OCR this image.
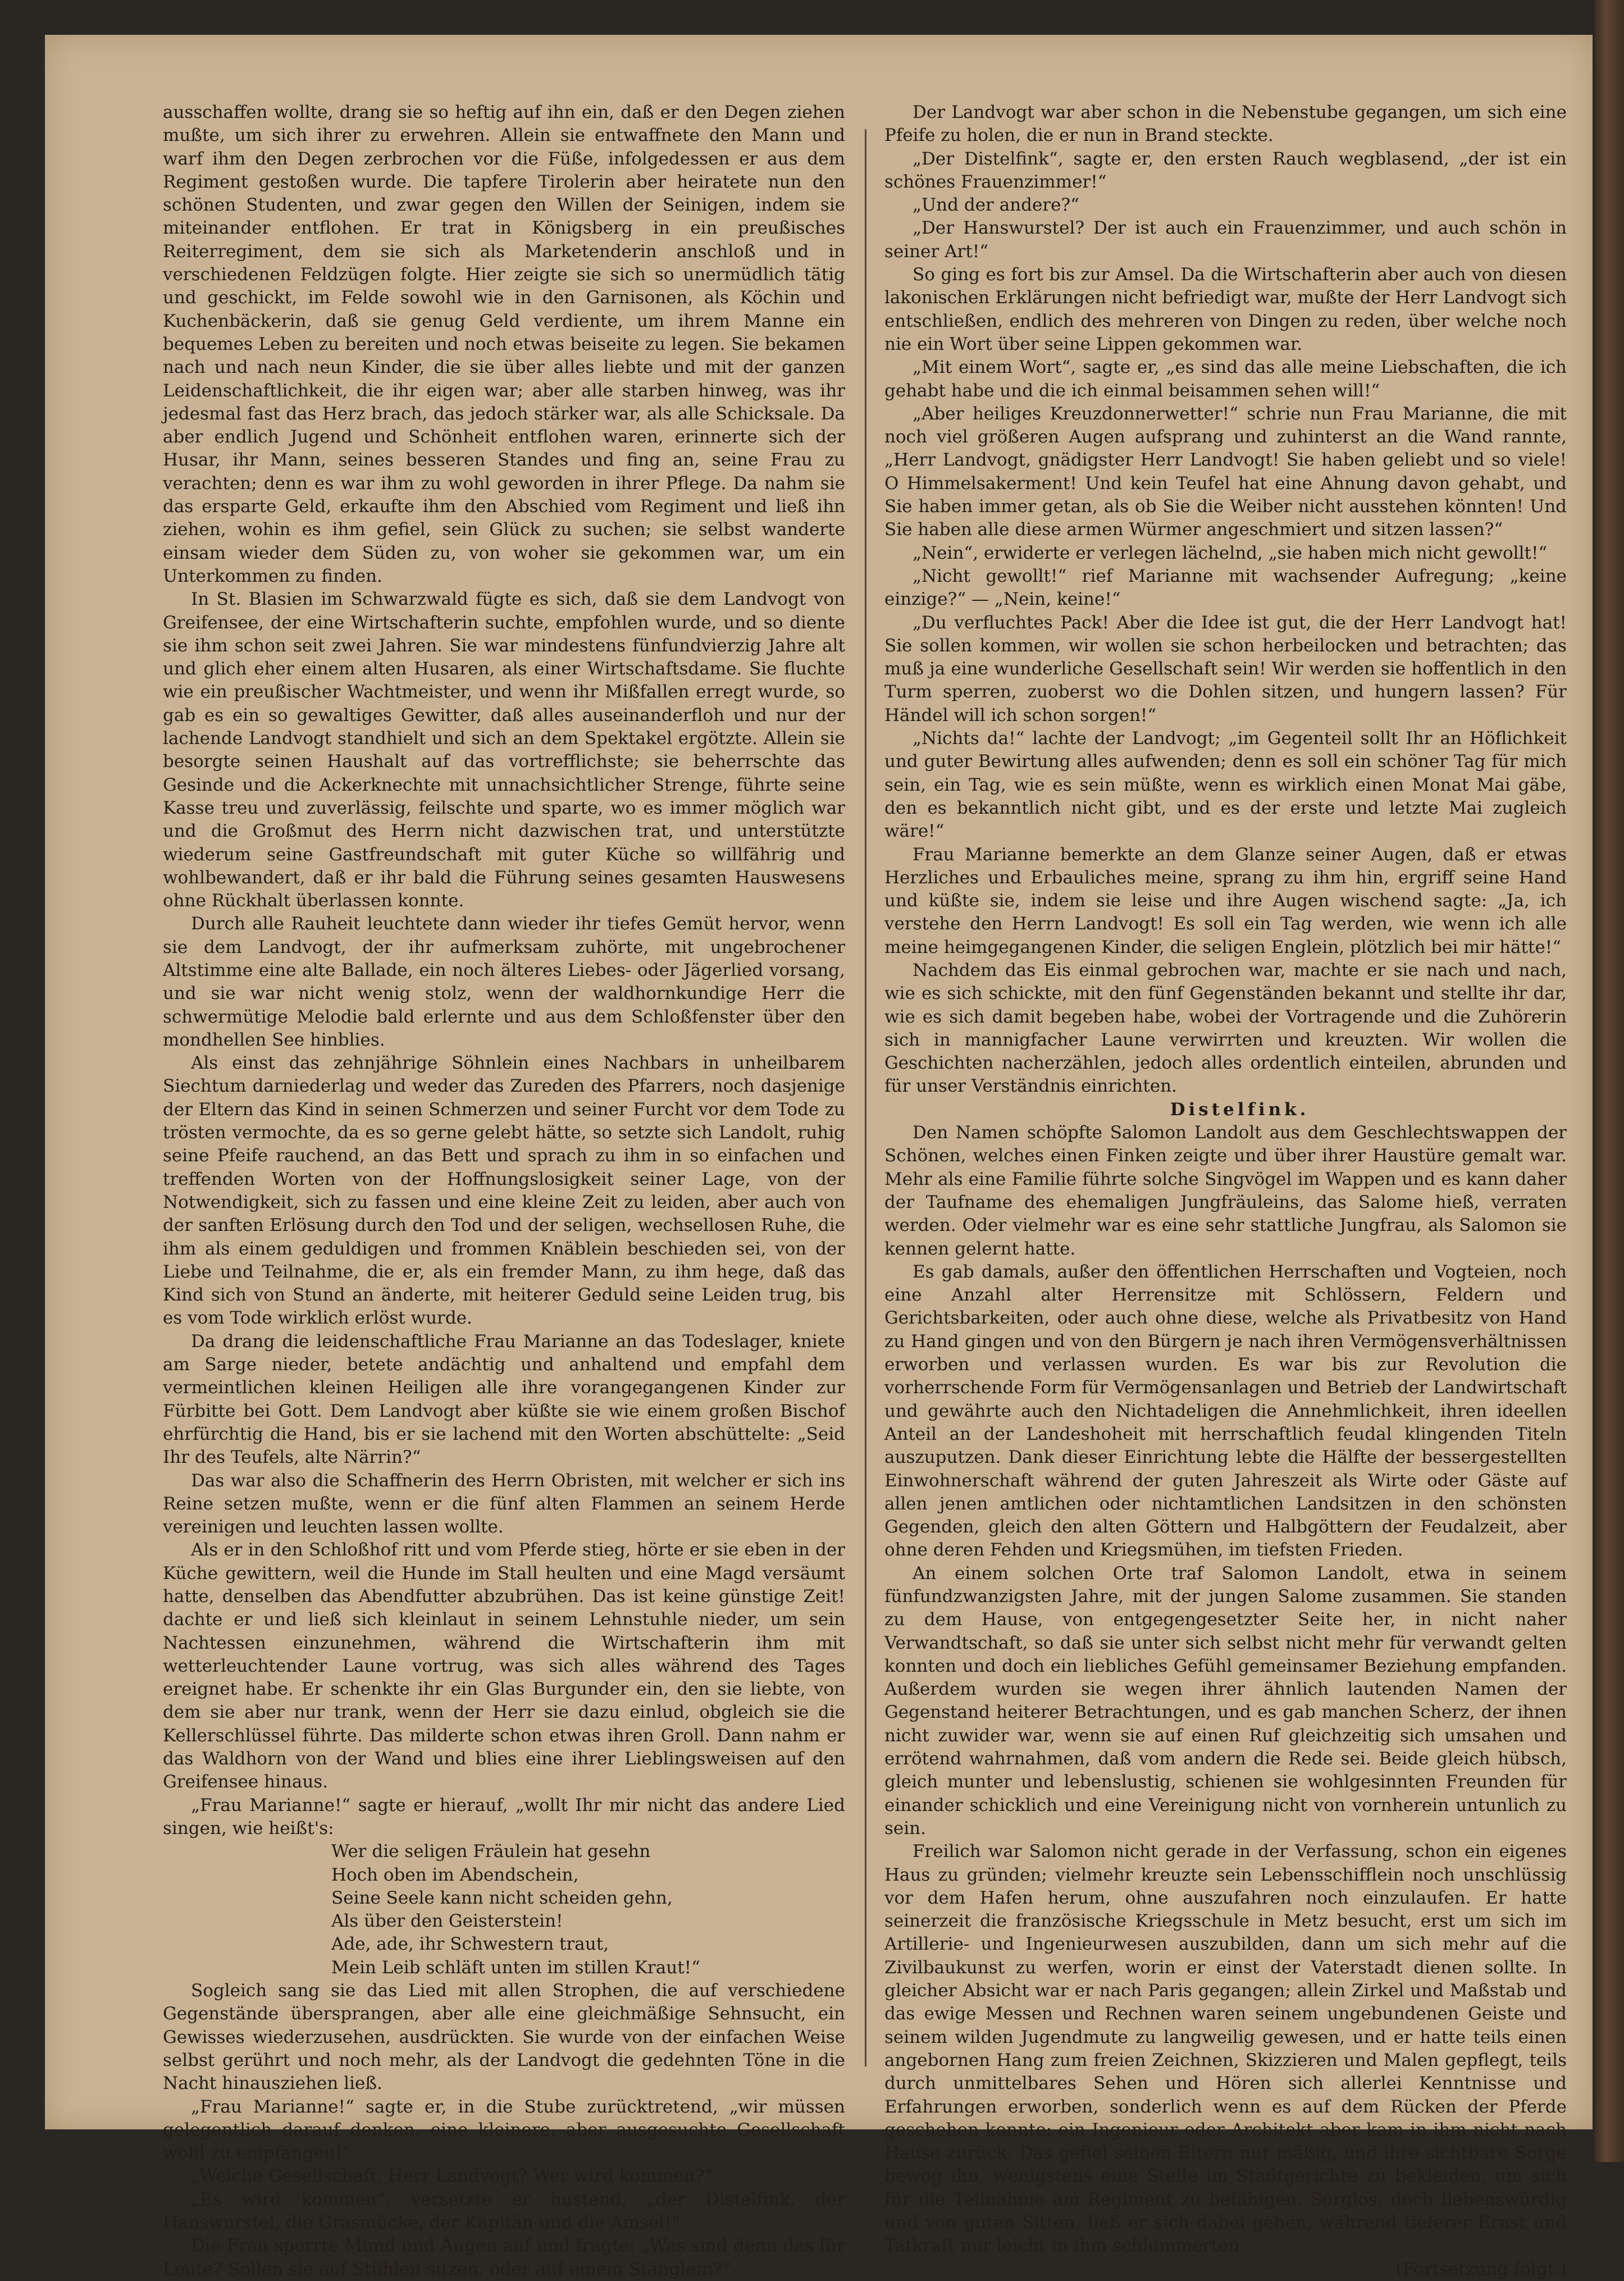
ausschaffen wollte, drang sie so heftig auf ihn ein, daß er den Degen ziehen mußte, um sich ihrer zu erwehren. Allein sie entwaffnete den Mann und warf ihm den Degen zerbrochen vor die Füße, infolgedessen er aus dem Regiment gestoßen wurde. Die tapfere Tirolerin aber heiratete nun den schönen Studenten, und zwar gegen den Willen der Seinigen, indem sie miteinander entflohen. Er trat in Königsberg in ein preußisches Reiterregiment, dem sie sich als Marketenderin anschloß und in verschiedenen Feldzügen folgte. Hier zeigte sie sich so unermüdlich tätig und geschickt, im Felde sowohl wie in den Garnisonen, als Köchin und Kuchenbäckerin, daß sie genug Geld verdiente, um ihrem Manne ein bequemes Leben zu bereiten und noch etwas beiseite zu legen. Sie bekamen nach und nach neun Kinder, die sie über alles liebte und mit der ganzen Leidenschaftlichkeit, die ihr eigen war; aber alle starben hinweg, was ihr jedesmal fast das Herz brach, das jedoch stärker war, als alle Schicksale. Da aber endlich Jugend und Schönheit entflohen waren, erinnerte sich der Husar, ihr Mann, seines besseren Standes und fing an, seine Frau zu verachten; denn es war ihm zu wohl geworden in ihrer Pflege. Da nahm sie das ersparte Geld, erkaufte ihm den Abschied vom Regiment und ließ ihn ziehen, wohin es ihm gefiel, sein Glück zu suchen; sie selbst wanderte einsam wieder dem Süden zu, von woher sie gekommen war, um ein Unterkommen zu finden.

In St. Blasien im Schwarzwald fügte es sich, daß sie dem Landvogt von Greifensee, der eine Wirtschafterin suchte, empfohlen wurde, und so diente sie ihm schon seit zwei Jahren. Sie war mindestens fünfundvierzig Jahre alt und glich eher einem alten Husaren, als einer Wirtschaftsdame. Sie fluchte wie ein preußischer Wachtmeister, und wenn ihr Mißfallen erregt wurde, so gab es ein so gewaltiges Gewitter, daß alles auseinanderfloh und nur der lachende Landvogt standhielt und sich an dem Spektakel ergötzte. Allein sie besorgte seinen Haushalt auf das vortrefflichste; sie beherrschte das Gesinde und die Ackerknechte mit unnachsichtlicher Strenge, führte seine Kasse treu und zuverlässig, feilschte und sparte, wo es immer möglich war und die Großmut des Herrn nicht dazwischen trat, und unterstützte wiederum seine Gastfreundschaft mit guter Küche so willfährig und wohlbewandert, daß er ihr bald die Führung seines gesamten Hauswesens ohne Rückhalt überlassen konnte.

Durch alle Rauheit leuchtete dann wieder ihr tiefes Gemüt hervor, wenn sie dem Landvogt, der ihr aufmerksam zuhörte, mit ungebrochener Altstimme eine alte Ballade, ein noch älteres Liebes- oder Jägerlied vorsang, und sie war nicht wenig stolz, wenn der waldhornkundige Herr die schwermütige Melodie bald erlernte und aus dem Schloßfenster über den mondhellen See hinblies.

Als einst das zehnjährige Söhnlein eines Nachbars in unheilbarem Siechtum darniederlag und weder das Zureden des Pfarrers, noch dasjenige der Eltern das Kind in seinen Schmerzen und seiner Furcht vor dem Tode zu trösten vermochte, da es so gerne gelebt hätte, so setzte sich Landolt, ruhig seine Pfeife rauchend, an das Bett und sprach zu ihm in so einfachen und treffenden Worten von der Hoffnungslosigkeit seiner Lage, von der Notwendigkeit, sich zu fassen und eine kleine Zeit zu leiden, aber auch von der sanften Erlösung durch den Tod und der seligen, wechsellosen Ruhe, die ihm als einem geduldigen und frommen Knäblein beschieden sei, von der Liebe und Teilnahme, die er, als ein fremder Mann, zu ihm hege, daß das Kind sich von Stund an änderte, mit heiterer Geduld seine Leiden trug, bis es vom Tode wirklich erlöst wurde.

Da drang die leidenschaftliche Frau Marianne an das Todeslager, kniete am Sarge nieder, betete andächtig und anhaltend und empfahl dem vermeintlichen kleinen Heiligen alle ihre vorangegangenen Kinder zur Fürbitte bei Gott. Dem Landvogt aber küßte sie wie einem großen Bischof ehrfürchtig die Hand, bis er sie lachend mit den Worten abschüttelte: „Seid Ihr des Teufels, alte Närrin?“

Das war also die Schaffnerin des Herrn Obristen, mit welcher er sich ins Reine setzen mußte, wenn er die fünf alten Flammen an seinem Herde vereinigen und leuchten lassen wollte.

Als er in den Schloßhof ritt und vom Pferde stieg, hörte er sie eben in der Küche gewittern, weil die Hunde im Stall heulten und eine Magd versäumt hatte, denselben das Abendfutter abzubrühen. Das ist keine günstige Zeit! dachte er und ließ sich kleinlaut in seinem Lehnstuhle nieder, um sein Nachtessen einzunehmen, während die Wirtschafterin ihm mit wetterleuchtender Laune vortrug, was sich alles während des Tages ereignet habe. Er schenkte ihr ein Glas Burgunder ein, den sie liebte, von dem sie aber nur trank, wenn der Herr sie dazu einlud, obgleich sie die Kellerschlüssel führte. Das milderte schon etwas ihren Groll. Dann nahm er das Waldhorn von der Wand und blies eine ihrer Lieblingsweisen auf den Greifensee hinaus.

„Frau Marianne!“ sagte er hierauf, „wollt Ihr mir nicht das andere Lied singen, wie heißt's:

Wer die seligen Fräulein hat gesehn
Hoch oben im Abendschein,
Seine Seele kann nicht scheiden gehn,
Als über den Geisterstein!
Ade, ade, ihr Schwestern traut,
Mein Leib schläft unten im stillen Kraut!“

Sogleich sang sie das Lied mit allen Strophen, die auf verschiedene Gegenstände übersprangen, aber alle eine gleichmäßige Sehnsucht, ein Gewisses wiederzusehen, ausdrückten. Sie wurde von der einfachen Weise selbst gerührt und noch mehr, als der Landvogt die gedehnten Töne in die Nacht hinausziehen ließ.

„Frau Marianne!“ sagte er, in die Stube zurücktretend, „wir müssen gelegentlich darauf denken, eine kleinere, aber ausgesuchte Gesellschaft wohl zu empfangen!“

„Welche Gesellschaft, Herr Landvogt? Wer wird kommen?“

„Es wird kommen“, versetzte er hustend, „der Distelfink, der Hanswurstel, die Grasmücke, der Kapitän und die Amsel!“

Die Frau sperrte Mund und Augen auf und fragte: „Was sind denn das für Leute? Sollen sie auf Stühlen sitzen, oder auf einem Stänglein?“

Der Landvogt war aber schon in die Nebenstube gegangen, um sich eine Pfeife zu holen, die er nun in Brand steckte.

„Der Distelfink“, sagte er, den ersten Rauch wegblasend, „der ist ein schönes Frauenzimmer!“

„Und der andere?“

„Der Hanswurstel? Der ist auch ein Frauenzimmer, und auch schön in seiner Art!“

So ging es fort bis zur Amsel. Da die Wirtschafterin aber auch von diesen lakonischen Erklärungen nicht befriedigt war, mußte der Herr Landvogt sich entschließen, endlich des mehreren von Dingen zu reden, über welche noch nie ein Wort über seine Lippen gekommen war.

„Mit einem Wort“, sagte er, „es sind das alle meine Liebschaften, die ich gehabt habe und die ich einmal beisammen sehen will!“

„Aber heiliges Kreuzdonnerwetter!“ schrie nun Frau Marianne, die mit noch viel größeren Augen aufsprang und zuhinterst an die Wand rannte, „Herr Landvogt, gnädigster Herr Landvogt! Sie haben geliebt und so viele! O Himmelsakerment! Und kein Teufel hat eine Ahnung davon gehabt, und Sie haben immer getan, als ob Sie die Weiber nicht ausstehen könnten! Und Sie haben alle diese armen Würmer angeschmiert und sitzen lassen?“

„Nein“, erwiderte er verlegen lächelnd, „sie haben mich nicht gewollt!“

„Nicht gewollt!“ rief Marianne mit wachsender Aufregung; „keine einzige?“ — „Nein, keine!“

„Du verfluchtes Pack! Aber die Idee ist gut, die der Herr Landvogt hat! Sie sollen kommen, wir wollen sie schon herbeilocken und betrachten; das muß ja eine wunderliche Gesellschaft sein! Wir werden sie hoffentlich in den Turm sperren, zuoberst wo die Dohlen sitzen, und hungern lassen? Für Händel will ich schon sorgen!“

„Nichts da!“ lachte der Landvogt; „im Gegenteil sollt Ihr an Höflichkeit und guter Bewirtung alles aufwenden; denn es soll ein schöner Tag für mich sein, ein Tag, wie es sein müßte, wenn es wirklich einen Monat Mai gäbe, den es bekanntlich nicht gibt, und es der erste und letzte Mai zugleich wäre!“

Frau Marianne bemerkte an dem Glanze seiner Augen, daß er etwas Herzliches und Erbauliches meine, sprang zu ihm hin, ergriff seine Hand und küßte sie, indem sie leise und ihre Augen wischend sagte: „Ja, ich verstehe den Herrn Landvogt! Es soll ein Tag werden, wie wenn ich alle meine heimgegangenen Kinder, die seligen Englein, plötzlich bei mir hätte!“

Nachdem das Eis einmal gebrochen war, machte er sie nach und nach, wie es sich schickte, mit den fünf Gegenständen bekannt und stellte ihr dar, wie es sich damit begeben habe, wobei der Vortragende und die Zuhörerin sich in mannigfacher Laune verwirrten und kreuzten. Wir wollen die Geschichten nacherzählen, jedoch alles ordentlich einteilen, abrunden und für unser Verständnis einrichten.

Distelfink.

Den Namen schöpfte Salomon Landolt aus dem Geschlechtswappen der Schönen, welches einen Finken zeigte und über ihrer Haustüre gemalt war. Mehr als eine Familie führte solche Singvögel im Wappen und es kann daher der Taufname des ehemaligen Jungfräuleins, das Salome hieß, verraten werden. Oder vielmehr war es eine sehr stattliche Jungfrau, als Salomon sie kennen gelernt hatte.

Es gab damals, außer den öffentlichen Herrschaften und Vogteien, noch eine Anzahl alter Herrensitze mit Schlössern, Feldern und Gerichtsbarkeiten, oder auch ohne diese, welche als Privatbesitz von Hand zu Hand gingen und von den Bürgern je nach ihren Vermögensverhältnissen erworben und verlassen wurden. Es war bis zur Revolution die vorherrschende Form für Vermögensanlagen und Betrieb der Landwirtschaft und gewährte auch den Nichtadeligen die Annehmlichkeit, ihren ideellen Anteil an der Landeshoheit mit herrschaftlich feudal klingenden Titeln auszuputzen. Dank dieser Einrichtung lebte die Hälfte der bessergestellten Einwohnerschaft während der guten Jahreszeit als Wirte oder Gäste auf allen jenen amtlichen oder nichtamtlichen Landsitzen in den schönsten Gegenden, gleich den alten Göttern und Halbgöttern der Feudalzeit, aber ohne deren Fehden und Kriegsmühen, im tiefsten Frieden.

An einem solchen Orte traf Salomon Landolt, etwa in seinem fünfundzwanzigsten Jahre, mit der jungen Salome zusammen. Sie standen zu dem Hause, von entgegengesetzter Seite her, in nicht naher Verwandtschaft, so daß sie unter sich selbst nicht mehr für verwandt gelten konnten und doch ein liebliches Gefühl gemeinsamer Beziehung empfanden. Außerdem wurden sie wegen ihrer ähnlich lautenden Namen der Gegenstand heiterer Betrachtungen, und es gab manchen Scherz, der ihnen nicht zuwider war, wenn sie auf einen Ruf gleichzeitig sich umsahen und errötend wahrnahmen, daß vom andern die Rede sei. Beide gleich hübsch, gleich munter und lebenslustig, schienen sie wohlgesinnten Freunden für einander schicklich und eine Vereinigung nicht von vornherein untunlich zu sein.

Freilich war Salomon nicht gerade in der Verfassung, schon ein eigenes Haus zu gründen; vielmehr kreuzte sein Lebensschifflein noch unschlüssig vor dem Hafen herum, ohne auszufahren noch einzulaufen. Er hatte seinerzeit die französische Kriegsschule in Metz besucht, erst um sich im Artillerie- und Ingenieurwesen auszubilden, dann um sich mehr auf die Zivilbaukunst zu werfen, worin er einst der Vaterstadt dienen sollte. In gleicher Absicht war er nach Paris gegangen; allein Zirkel und Maßstab und das ewige Messen und Rechnen waren seinem ungebundenen Geiste und seinem wilden Jugendmute zu langweilig gewesen, und er hatte teils einen angebornen Hang zum freien Zeichnen, Skizzieren und Malen gepflegt, teils durch unmittelbares Sehen und Hören sich allerlei Kenntnisse und Erfahrungen erworben, sonderlich wenn es auf dem Rücken der Pferde geschehen konnte; ein Ingenieur oder Architekt aber kam in ihm nicht nach Hause zurück. Das gefiel seinen Eltern nur mäßig, und ihre sichtbare Sorge bewog ihn, wenigstens eine Stelle im Stadtgerichte zu bekleiden, um sich für die Teilnahme am Regiment zu befähigen. Sorglos, doch liebenswürdig und von guten Sitten, ließ er sich dabei gehen, während tieferer Ernst und Tatkraft nur leicht in ihm schlummerten.

(Fortsetzung folgt.)
